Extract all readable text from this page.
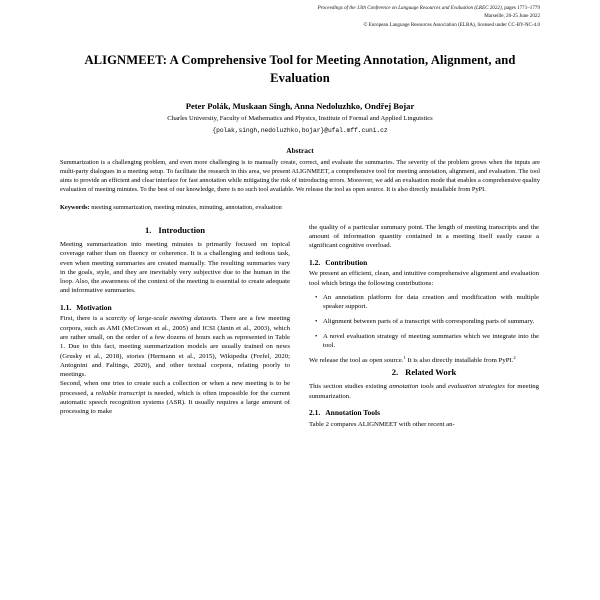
Proceedings of the 13th Conference on Language Resources and Evaluation (LREC 2022), pages 1771–1779
Marseille, 20-25 June 2022
© European Language Resources Association (ELRA), licensed under CC-BY-NC-4.0
ALIGNMEET: A Comprehensive Tool for Meeting Annotation, Alignment, and Evaluation
Peter Polák, Muskaan Singh, Anna Nedoluzhko, Ondřej Bojar
Charles University, Faculty of Mathematics and Physics, Institute of Formal and Applied Linguistics
{polak,singh,nedoluzhko,bojar}@ufal.mff.cuni.cz
Abstract
Summarization is a challenging problem, and even more challenging is to manually create, correct, and evaluate the summaries. The severity of the problem grows when the inputs are multi-party dialogues in a meeting setup. To facilitate the research in this area, we present ALIGNMEET, a comprehensive tool for meeting annotation, alignment, and evaluation. The tool aims to provide an efficient and clear interface for fast annotation while mitigating the risk of introducing errors. Moreover, we add an evaluation mode that enables a comprehensive quality evaluation of meeting minutes. To the best of our knowledge, there is no such tool available. We release the tool as open source. It is also directly installable from PyPI.
Keywords: meeting summarization, meeting minutes, minuting, annotation, evaluation
1. Introduction

Meeting summarization into meeting minutes is primarily focused on topical coverage rather than on fluency or coherence. It is a challenging and tedious task, even when meeting summaries are created manually. The resulting summaries vary in the goals, style, and they are inevitably very subjective due to the human in the loop. Also, the awareness of the context of the meeting is essential to create adequate and informative summaries.

1.1. Motivation

First, there is a scarcity of large-scale meeting datasets. There are a few meeting corpora, such as AMI (McCowan et al., 2005) and ICSI (Janin et al., 2003), which are rather small, on the order of a few dozens of hours each as represented in Table 1. Due to this fact, meeting summarization models are usually trained on news (Grusky et al., 2018), stories (Hermann et al., 2015), Wikipedia (Frefel, 2020; Antognini and Faltings, 2020), and other textual corpora, relating poorly to meetings.

Second, when one tries to create such a collection or when a new meeting is to be processed, a reliable transcript is needed, which is often impossible for the current automatic speech recognition systems (ASR). It usually requires a large amount of processing to make

the quality of a particular summary point. The length of meeting transcripts and the amount of information quantity contained in a meeting itself easily cause a significant cognitive overload.

1.2. Contribution

We present an efficient, clean, and intuitive comprehensive alignment and evaluation tool which brings the following contributions:

• An annotation platform for data creation and modification with multiple speaker support.
• Alignment between parts of a transcript with corresponding parts of summary.
• A novel evaluation strategy of meeting summaries which we integrate into the tool.

We release the tool as open source.$^1$ It is also directly installable from PyPI.$^2$

2. Related Work

This section studies existing annotation tools and evaluation strategies for meeting summarization.

2.1. Annotation Tools

Table 2 compares ALIGNMEET with other recent an-
